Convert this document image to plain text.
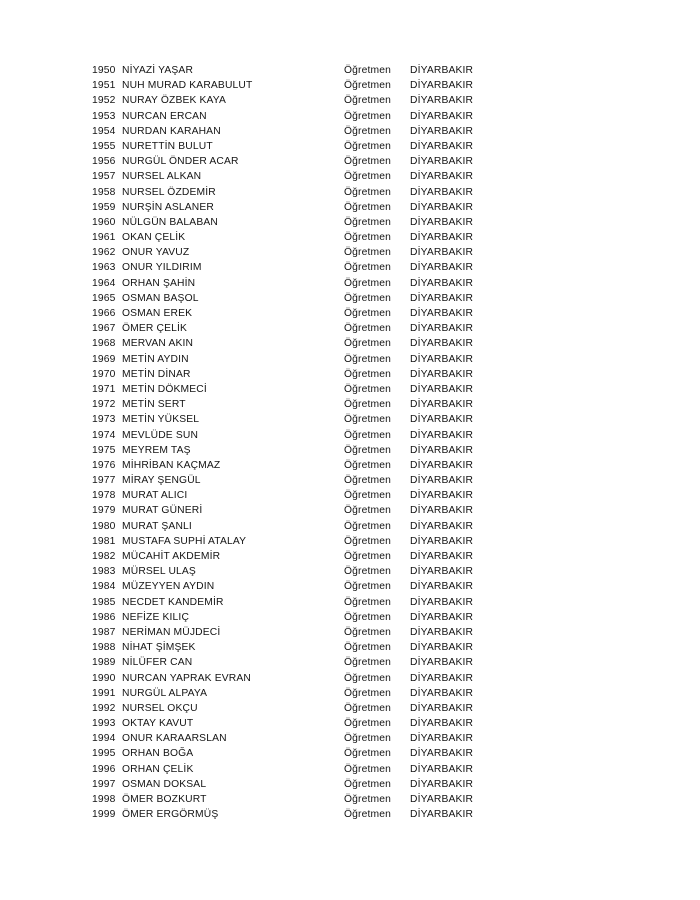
1950 NİYAZİ YAŞAR	Öğretmen DİYARBAKIR
1951 NUH MURAD KARABULUT	Öğretmen DİYARBAKIR
1952 NURAY ÖZBEK KAYA	Öğretmen DİYARBAKIR
1953 NURCAN ERCAN	Öğretmen DİYARBAKIR
1954 NURDAN KARAHAN	Öğretmen DİYARBAKIR
1955 NURETTİN BULUT	Öğretmen DİYARBAKIR
1956 NURGÜL ÖNDER ACAR	Öğretmen DİYARBAKIR
1957 NURSEL ALKAN	Öğretmen DİYARBAKIR
1958 NURSEL ÖZDEMİR	Öğretmen DİYARBAKIR
1959 NURŞİN ASLANER	Öğretmen DİYARBAKIR
1960 NÜLGÜN BALABAN	Öğretmen DİYARBAKIR
1961 OKAN ÇELİK	Öğretmen DİYARBAKIR
1962 ONUR YAVUZ	Öğretmen DİYARBAKIR
1963 ONUR YILDIRIM	Öğretmen DİYARBAKIR
1964 ORHAN ŞAHİN	Öğretmen DİYARBAKIR
1965 OSMAN BAŞOL	Öğretmen DİYARBAKIR
1966 OSMAN EREK	Öğretmen DİYARBAKIR
1967 ÖMER ÇELİK	Öğretmen DİYARBAKIR
1968 MERVAN AKIN	Öğretmen DİYARBAKIR
1969 METİN AYDIN	Öğretmen DİYARBAKIR
1970 METİN DİNAR	Öğretmen DİYARBAKIR
1971 METİN DÖKMECİ	Öğretmen DİYARBAKIR
1972 METİN SERT	Öğretmen DİYARBAKIR
1973 METİN YÜKSEL	Öğretmen DİYARBAKIR
1974 MEVLÜDE SUN	Öğretmen DİYARBAKIR
1975 MEYREM TAŞ	Öğretmen DİYARBAKIR
1976 MİHRİBAN KAÇMAZ	Öğretmen DİYARBAKIR
1977 MİRAY ŞENGÜL	Öğretmen DİYARBAKIR
1978 MURAT ALICI	Öğretmen DİYARBAKIR
1979 MURAT GÜNERİ	Öğretmen DİYARBAKIR
1980 MURAT ŞANLI	Öğretmen DİYARBAKIR
1981 MUSTAFA SUPHİ ATALAY	Öğretmen DİYARBAKIR
1982 MÜCAHİT AKDEMİR	Öğretmen DİYARBAKIR
1983 MÜRSEL ULAŞ	Öğretmen DİYARBAKIR
1984 MÜZEYYEN AYDIN	Öğretmen DİYARBAKIR
1985 NECDET KANDEMİR	Öğretmen DİYARBAKIR
1986 NEFİZE KILIÇ	Öğretmen DİYARBAKIR
1987 NERİMAN MÜJDECİ	Öğretmen DİYARBAKIR
1988 NİHAT ŞİMŞEK	Öğretmen DİYARBAKIR
1989 NİLÜFER CAN	Öğretmen DİYARBAKIR
1990 NURCAN YAPRAK EVRAN	Öğretmen DİYARBAKIR
1991 NURGÜL ALPAYA	Öğretmen DİYARBAKIR
1992 NURSEL OKÇU	Öğretmen DİYARBAKIR
1993 OKTAY KAVUT	Öğretmen DİYARBAKIR
1994 ONUR KARAARSLAN	Öğretmen DİYARBAKIR
1995 ORHAN BOĞA	Öğretmen DİYARBAKIR
1996 ORHAN ÇELİK	Öğretmen DİYARBAKIR
1997 OSMAN DOKSAL	Öğretmen DİYARBAKIR
1998 ÖMER BOZKURT	Öğretmen DİYARBAKIR
1999 ÖMER ERGÖRMÜŞ	Öğretmen DİYARBAKIR
